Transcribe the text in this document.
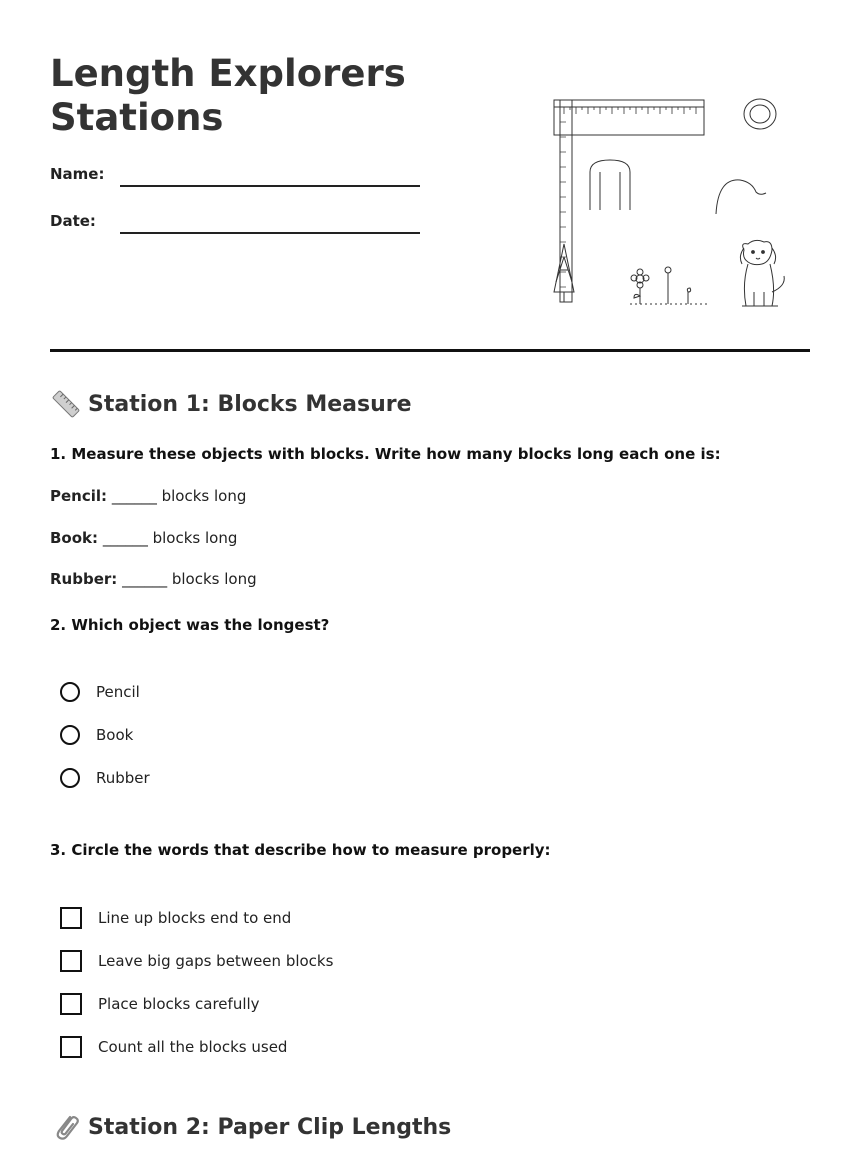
Length Explorers
Stations
Name:
Date:
Station 1: Blocks Measure
1. Measure these objects with blocks. Write how many blocks long each one is:
Pencil: ______ blocks long
Book: ______ blocks long
Rubber: ______ blocks long
2. Which object was the longest?
Pencil
Book
Rubber
3. Circle the words that describe how to measure properly:
Line up blocks end to end
Leave big gaps between blocks
Place blocks carefully
Count all the blocks used
Station 2: Paper Clip Lengths
